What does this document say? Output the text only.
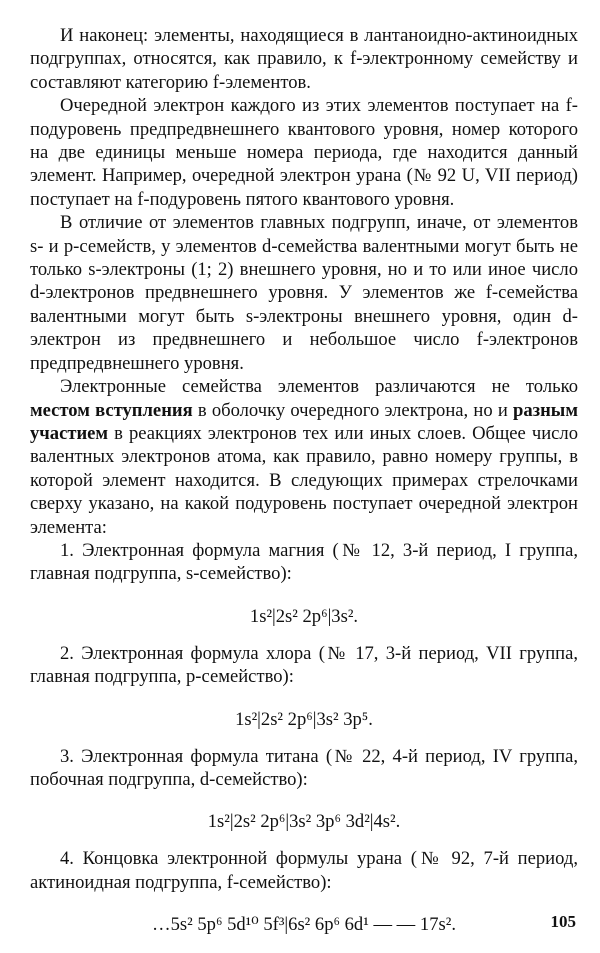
И наконец: элементы, находящиеся в лантаноидно-актиноидных подгруппах, относятся, как правило, к f-электронному семейству и составляют категорию f-элементов.

Очередной электрон каждого из этих элементов поступает на f-подуровень предпредвнешнего квантового уровня, номер которого на две единицы меньше номера периода, где находится данный элемент. Например, очередной электрон урана (№ 92 U, VII период) поступает на f-подуровень пятого квантового уровня.

В отличие от элементов главных подгрупп, иначе, от элементов s- и p-семейств, у элементов d-семейства валентными могут быть не только s-электроны (1; 2) внешнего уровня, но и то или иное число d-электронов предвнешнего уровня. У элементов же f-семейства валентными могут быть s-электроны внешнего уровня, один d-электрон из предвнешнего и небольшое число f-электронов предпредвнешнего уровня.

Электронные семейства элементов различаются не только местом вступления в оболочку очередного электрона, но и разным участием в реакциях электронов тех или иных слоев. Общее число валентных электронов атома, как правило, равно номеру группы, в которой элемент находится. В следующих примерах стрелочками сверху указано, на какой подуровень поступает очередной электрон элемента:

1. Электронная формула магния (№ 12, 3-й период, I группа, главная подгруппа, s-семейство):

1s²|2s² 2p⁶|3s².

2. Электронная формула хлора (№ 17, 3-й период, VII группа, главная подгруппа, p-семейство):

1s²|2s² 2p⁶|3s² 3p⁵.

3. Электронная формула титана (№ 22, 4-й период, IV группа, побочная подгруппа, d-семейство):

1s²|2s² 2p⁶|3s² 3p⁶ 3d²|4s².

4. Концовка электронной формулы урана (№ 92, 7-й период, актиноидная подгруппа, f-семейство):

…5s² 5p⁶ 5d¹⁰ 5f³|6s² 6p⁶ 6d¹ — — 17s².	105
